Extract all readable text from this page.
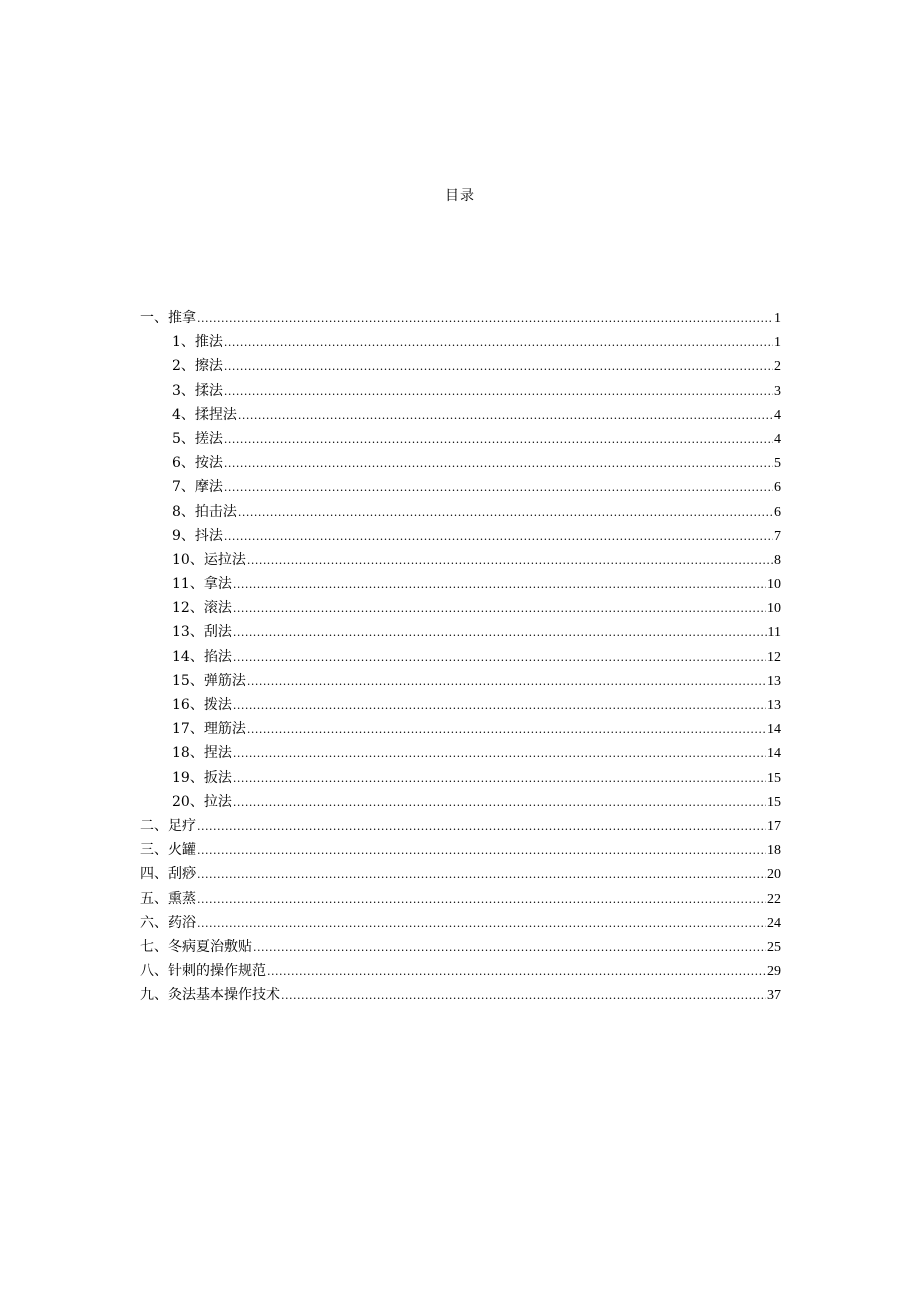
目录
一、推拿 .....	1
1、推法 .....	1
2、擦法 .....	2
3、揉法 .....	3
4、揉捏法 .....	4
5、搓法 .....	4
6、按法 .....	5
7、摩法 .....	6
8、拍击法 .....	6
9、抖法 .....	7
10、运拉法 .....	8
11、拿法 .....	10
12、滚法 .....	10
13、刮法 .....	11
14、掐法 .....	12
15、弹筋法 .....	13
16、拨法 .....	13
17、理筋法 .....	14
18、捏法 .....	14
19、扳法 .....	15
20、拉法 .....	15
二、足疗 .....	17
三、火罐 .....	18
四、刮痧 .....	20
五、熏蒸 .....	22
六、药浴 .....	24
七、冬病夏治敷贴 .....	25
八、针刺的操作规范 .....	29
九、灸法基本操作技术 .....	37
